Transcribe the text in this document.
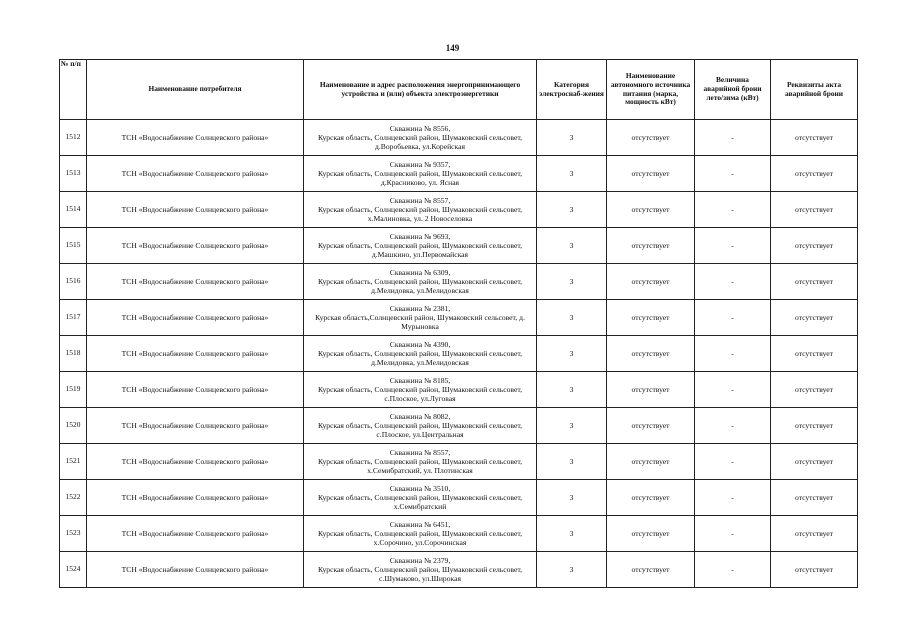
149
№ п/п	Наименование потребителя	Наименование и адрес расположения энергопринимающего устройства и (или) объекта электроэнергетики	Категория электроснаб-жения	Наименование автономного источника питания (марка, мощность кВт)	Величина аварийной брони лето/зима (кВт)	Реквизиты акта аварийной брони
1512	ТСН «Водоснабжение Солнцевского района»	Скважина № 8556,
Курская область, Солнцевский район, Шумаковский сельсовет, д.Воробьевка, ул.Корейская	3	отсутствует	-	отсутствует
1513	ТСН «Водоснабжение Солнцевского района»	Скважина № 9357,
Курская область, Солнцевский район, Шумаковский сельсовет, д.Красниково, ул. Ясная	3	отсутствует	-	отсутствует
1514	ТСН «Водоснабжение Солнцевского района»	Скважина № 8557,
Курская область, Солнцевский район, Шумаковский сельсовет, х.Малиновка, ул. 2 Новоселовка	3	отсутствует	-	отсутствует
1515	ТСН «Водоснабжение Солнцевского района»	Скважина № 9693,
Курская область, Солнцевский район, Шумаковский сельсовет, д.Машкино, ул.Первомайская	3	отсутствует	-	отсутствует
1516	ТСН «Водоснабжение Солнцевского района»	Скважина № 6309,
Курская область, Солнцевский район, Шумаковский сельсовет, д.Мелидовка, ул.Мелидовская	3	отсутствует	-	отсутствует
1517	ТСН «Водоснабжение Солнцевского района»	Скважина № 2381,
Курская область,Солнцевский район, Шумаковский сельсовет, д. Мурыновка	3	отсутствует	-	отсутствует
1518	ТСН «Водоснабжение Солнцевского района»	Скважина № 4390,
Курская область, Солнцевский район, Шумаковский сельсовет, д.Мелидовка, ул.Мелидовская	3	отсутствует	-	отсутствует
1519	ТСН «Водоснабжение Солнцевского района»	Скважина № 8185,
Курская область, Солнцевский район, Шумаковский сельсовет, с.Плоское, ул.Луговая	3	отсутствует	-	отсутствует
1520	ТСН «Водоснабжение Солнцевского района»	Скважина № 8082,
Курская область, Солнцевский район, Шумаковский сельсовет, с.Плоское, ул.Центральная	3	отсутствует	-	отсутствует
1521	ТСН «Водоснабжение Солнцевского района»	Скважина № 8557,
Курская область, Солнцевский район, Шумаковский сельсовет, х.Семибратский, ул. Плотинская	3	отсутствует	-	отсутствует
1522	ТСН «Водоснабжение Солнцевского района»	Скважина № 3510,
Курская область, Солнцевский район, Шумаковский сельсовет, х.Семибратский	3	отсутствует	-	отсутствует
1523	ТСН «Водоснабжение Солнцевского района»	Скважина № 6451,
Курская область, Солнцевский район, Шумаковский сельсовет, х.Сорочино, ул.Сорочинская	3	отсутствует	-	отсутствует
1524	ТСН «Водоснабжение Солнцевского района»	Скважина № 2379,
Курская область, Солнцевский район, Шумаковский сельсовет, с.Шумаково, ул.Широкая	3	отсутствует	-	отсутствует
